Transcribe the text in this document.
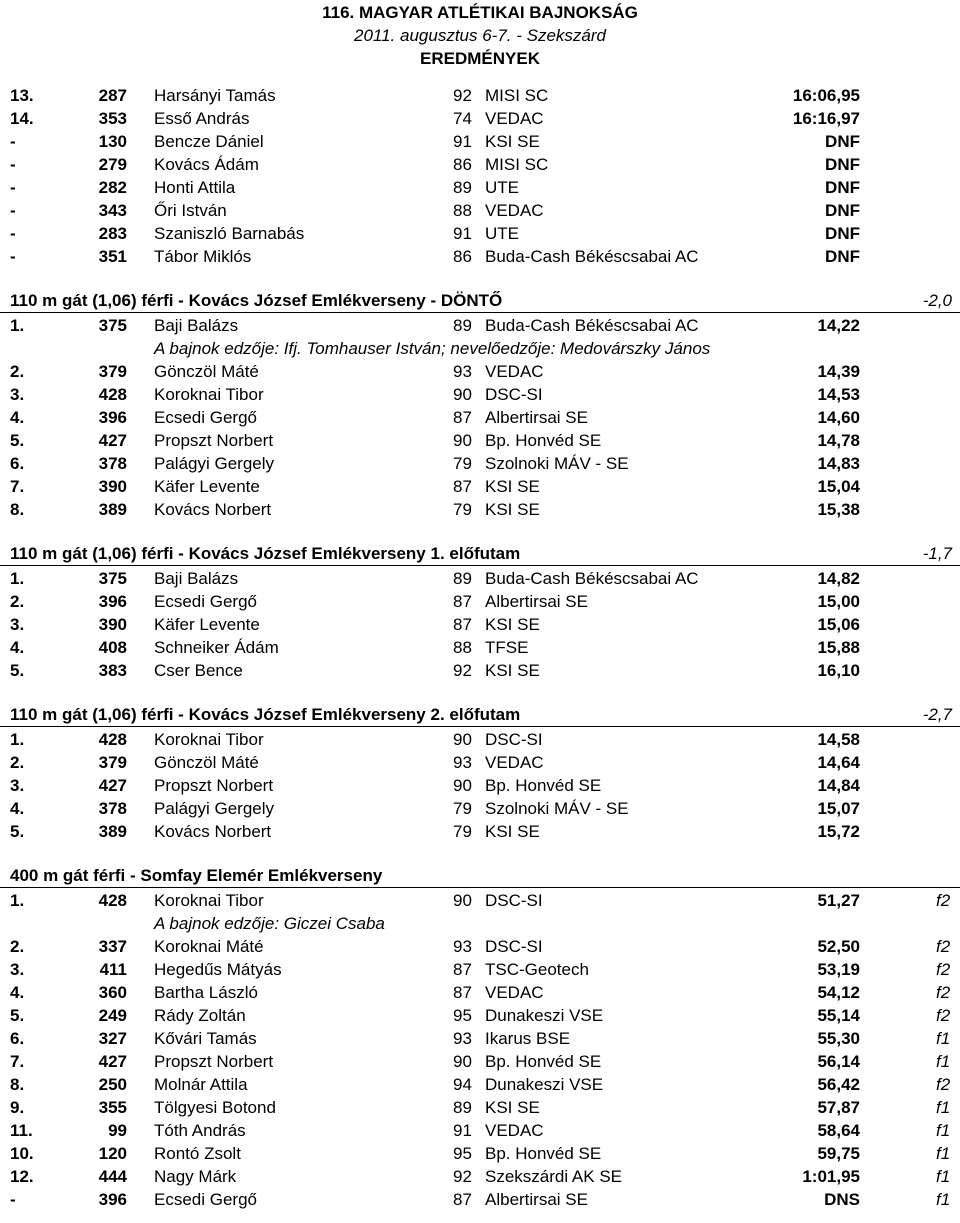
116. MAGYAR ATLÉTIKAI BAJNOKSÁG
2011. augusztus 6-7. - Szekszárd
EREDMÉNYEK
13.	287 Harsányi Tamás	92 MISI SC	16:06,95
14.	353 Esső András	74 VEDAC	16:16,97
-	130 Bencze Dániel	91 KSI SE	DNF
-	279 Kovács Ádám	86 MISI SC	DNF
-	282 Honti Attila	89 UTE	DNF
-	343 Őri István	88 VEDAC	DNF
-	283 Szaniszló Barnabás	91 UTE	DNF
-	351 Tábor Miklós	86 Buda-Cash Békéscsabai AC	DNF
110 m gát (1,06) férfi - Kovács József Emlékverseny - DÖNTŐ	-2,0
1.	375 Baji Balázs	89 Buda-Cash Békéscsabai AC	14,22
A bajnok edzője: Ifj. Tomhauser István; nevelőedzője: Medovárszky János
2.	379 Gönczöl Máté	93 VEDAC	14,39
3.	428 Koroknai Tibor	90 DSC-SI	14,53
4.	396 Ecsedi Gergő	87 Albertirsai SE	14,60
5.	427 Propszt Norbert	90 Bp. Honvéd SE	14,78
6.	378 Palágyi Gergely	79 Szolnoki MÁV - SE	14,83
7.	390 Käfer Levente	87 KSI SE	15,04
8.	389 Kovács Norbert	79 KSI SE	15,38
110 m gát (1,06) férfi - Kovács József Emlékverseny 1. előfutam	-1,7
1.	375 Baji Balázs	89 Buda-Cash Békéscsabai AC	14,82
2.	396 Ecsedi Gergő	87 Albertirsai SE	15,00
3.	390 Käfer Levente	87 KSI SE	15,06
4.	408 Schneiker Ádám	88 TFSE	15,88
5.	383 Cser Bence	92 KSI SE	16,10
110 m gát (1,06) férfi - Kovács József Emlékverseny 2. előfutam	-2,7
1.	428 Koroknai Tibor	90 DSC-SI	14,58
2.	379 Gönczöl Máté	93 VEDAC	14,64
3.	427 Propszt Norbert	90 Bp. Honvéd SE	14,84
4.	378 Palágyi Gergely	79 Szolnoki MÁV - SE	15,07
5.	389 Kovács Norbert	79 KSI SE	15,72
400 m gát férfi - Somfay Elemér Emlékverseny
1.	428 Koroknai Tibor	90 DSC-SI	51,27	f2
A bajnok edzője: Giczei Csaba
2.	337 Koroknai Máté	93 DSC-SI	52,50	f2
3.	411 Hegedűs Mátyás	87 TSC-Geotech	53,19	f2
4.	360 Bartha László	87 VEDAC	54,12	f2
5.	249 Rády Zoltán	95 Dunakeszi VSE	55,14	f2
6.	327 Kővári Tamás	93 Ikarus BSE	55,30	f1
7.	427 Propszt Norbert	90 Bp. Honvéd SE	56,14	f1
8.	250 Molnár Attila	94 Dunakeszi VSE	56,42	f2
9.	355 Tölgyesi Botond	89 KSI SE	57,87	f1
11.	99 Tóth András	91 VEDAC	58,64	f1
10.	120 Rontó Zsolt	95 Bp. Honvéd SE	59,75	f1
12.	444 Nagy Márk	92 Szekszárdi AK SE	1:01,95	f1
-	396 Ecsedi Gergő	87 Albertirsai SE	DNS	f1
